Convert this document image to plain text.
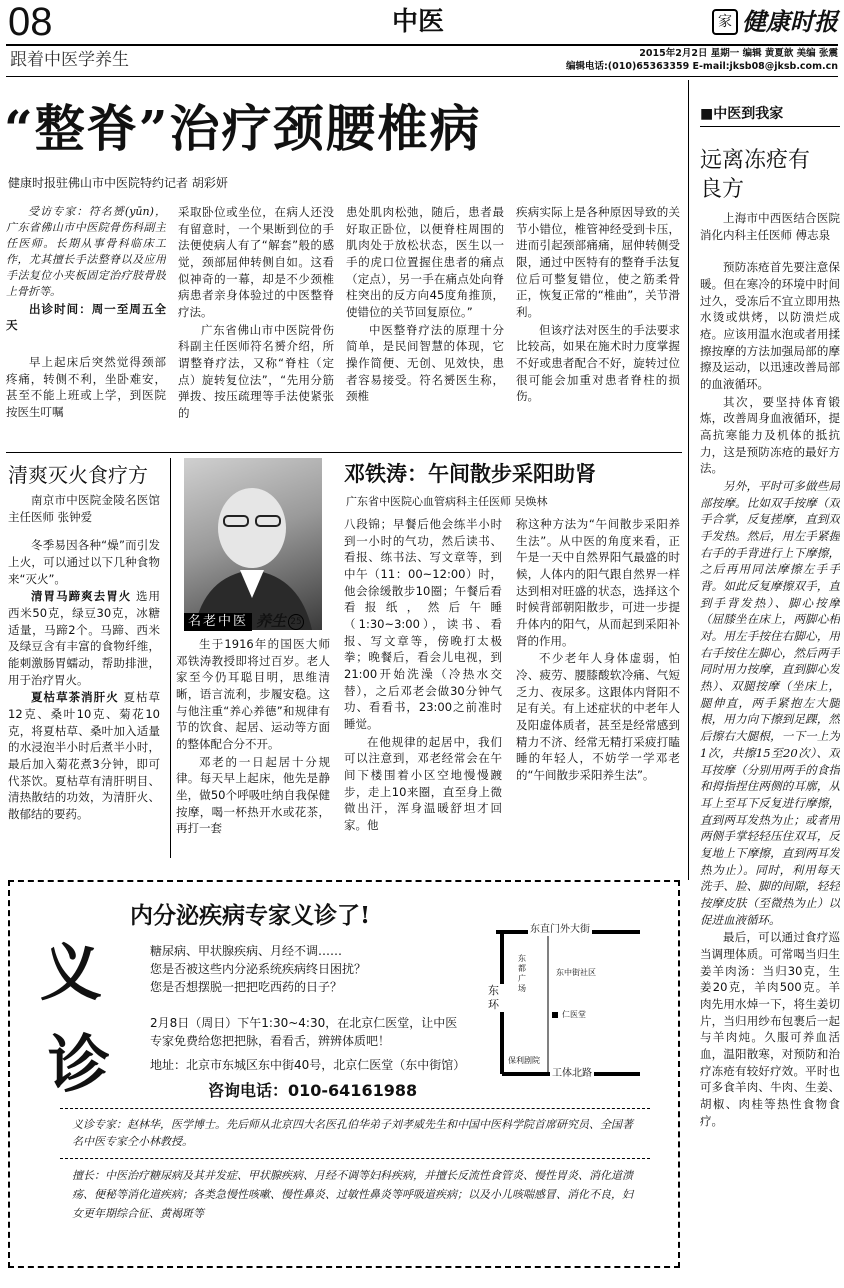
08	中医	家 健康时报
跟着中医学养生	2015年2月2日 星期一 编辑 黄夏歆 美编 张震
编辑电话:(010)65363359 E-mail:jksb08@jksb.com.cn
“整脊”治疗颈腰椎病
健康时报驻佛山市中医院特约记者 胡彩妍

受访专家：符名赟(yūn)，广东省佛山市中医院骨伤科副主任医师。长期从事骨科临床工作，尤其擅长手法整脊以及应用手法复位小夹板固定治疗肢骨肢上骨折等。

出诊时间：周一至周五全天

早上起床后突然觉得颈部疼痛，转侧不利，坐卧难安，甚至不能上班或上学，到医院按医生叮嘱

采取卧位或坐位，在病人还没有留意时，一个果断到位的手法便使病人有了“解套”般的感觉，颈部屈伸转侧自如。这看似神奇的一幕，却是不少颈椎病患者亲身体验过的中医整脊疗法。

广东省佛山市中医院骨伤科副主任医师符名赟介绍，所谓整脊疗法，又称“脊柱（定点）旋转复位法”，“先用分筋弹拨、按压疏理等手法使紧张的

患处肌肉松弛，随后，患者最好取正卧位，以便脊柱周围的肌肉处于放松状态，医生以一手的虎口位置握住患者的痛点（定点），另一手在痛点处向脊柱突出的反方向45度角推顶，使错位的关节回复原位。”

中医整脊疗法的原理十分简单，是民间智慧的体现，它操作简便、无创、见效快，患者容易接受。符名赟医生称，颈椎

疾病实际上是各种原因导致的关节小错位，椎管神经受到卡压，进而引起颈部痛痛，屈伸转侧受限，通过中医特有的整脊手法复位后可整复错位，使之筋柔骨正，恢复正常的“椎曲”，关节滑利。

但该疗法对医生的手法要求比较高，如果在施术时力度掌握不好或患者配合不好，旋转过位很可能会加重对患者脊柱的损伤。

■中医到我家
远离冻疮有良方

上海市中西医结合医院消化内科主任医师 傅志泉

预防冻疮首先要注意保暖。但在寒冷的环境中时间过久，受冻后不宜立即用热水烫或烘烤，以防溃烂成疮。应该用温水泡或者用揉擦按摩的方法加强局部的摩擦及运动，以迅速改善局部的血液循环。

其次，要坚持体育锻炼，改善周身血液循环，提高抗寒能力及机体的抵抗力，这是预防冻疮的最好方法。

另外，平时可多做些局部按摩。比如双手按摩（双手合掌，反复搓摩，直到双手发热。然后，用左手紧握右手的手背进行上下摩擦，之后再用同法摩擦左手手背。如此反复摩擦双手，直到手背发热）、脚心按摩（屈膝坐在床上，两脚心相对。用左手按住右脚心，用右手按住左脚心，然后两手同时用力按摩，直到脚心发热）、双腿按摩（坐床上，腿伸直，两手紧抱左大腿根，用力向下擦到足踝，然后擦右大腿根，一下一上为1次，共擦15至20次）、双耳按摩（分别用两手的食指和拇指捏住两侧的耳廓，从耳上至耳下反复进行摩擦，直到两耳发热为止；或者用两侧手掌轻轻压住双耳，反复地上下摩擦，直到两耳发热为止）。同时，利用每天洗手、脸、脚的间隙，轻轻按摩皮肤（至微热为止）以促进血液循环。

最后，可以通过食疗巡当调理体质。可常喝当归生姜羊肉汤：当归30克，生姜20克，羊肉500克。羊肉先用水焯一下，将生姜切片，当归用纱布包裹后一起与羊肉炖。久服可养血活血，温阳散寒，对预防和治疗冻疮有较好疗效。平时也可多食羊肉、牛肉、生姜、胡椒、肉桂等热性食物食疗。

清爽灭火食疗方

南京市中医院金陵名医馆主任医师 张钟爱

冬季易因各种“燥”而引发上火，可以通过以下几种食物来“灭火”。

清胃马蹄爽去胃火 选用西米50克，绿豆30克，冰糖适量，马蹄2个。马蹄、西米及绿豆含有丰富的食物纤维，能刺激肠胃蠕动，帮助排泄，用于治疗胃火。

夏枯草茶消肝火 夏枯草12克、桑叶10克、菊花10克，将夏枯草、桑叶加入适量的水浸泡半小时后煮半小时，最后加入菊花煮3分钟，即可代茶饮。夏枯草有清肝明目、清热散结的功效，为清肝火、散郁结的要药。

名老中医 养生 25
邓铁涛：午间散步采阳助肾
广东省中医院心血管病科主任医师 吴焕林

生于1916年的国医大师邓铁涛教授即将过百岁。老人家至今仍耳聪目明，思维清晰，语言流利，步履安稳。这与他注重“养心养德”和规律有节的饮食、起居、运动等方面的整体配合分不开。

邓老的一日起居十分规律。每天早上起床，他先是静坐，做50个呼吸吐纳自我保健按摩，喝一杯热开水或花茶，再打一套

八段锦；早餐后他会练半小时到一小时的气功，然后读书、看报、练书法、写文章等，到中午（11：00~12:00）时，他会徐缓散步10圈；午餐后看看报纸，然后午睡（1:30~3:00），读书、看报、写文章等，傍晚打太极拳；晚餐后，看会儿电视，到21:00开始洗澡（冷热水交替），之后邓老会做30分钟气功、看看书，23:00之前准时睡觉。

在他规律的起居中，我们可以注意到，邓老经常会在午间下楼围着小区空地慢慢踱步，走上10来圈，直至身上微微出汗，浑身温暖舒坦才回家。他

称这种方法为“午间散步采阳养生法”。从中医的角度来看，正午是一天中自然界阳气最盛的时候，人体内的阳气跟自然界一样达到相对旺盛的状态，选择这个时候背部朝阳散步，可进一步提升体内的阳气，从而起到采阳补肾的作用。

不少老年人身体虚弱，怕冷、疲劳、腰膝酸软冷痛、气短乏力、夜尿多。这跟体内肾阳不足有关。有上述症状的中老年人及阳虚体质者，甚至是经常感到精力不济、经常无精打采疲打瞌睡的年轻人，不妨学一学邓老的“午间散步采阳养生法”。

义
诊
内分泌疾病专家义诊了!
糖尿病、甲状腺疾病、月经不调……
您是否被这些内分泌系统疾病终日困扰？
您是否想摆脱一把把吃西药的日子？
2月8日（周日）下午1:30~4:30，在北京仁医堂，让中医
专家免费给您把把脉，看看舌，辨辨体质吧！
地址：北京市东城区东中街40号，北京仁医堂（东中街馆）
咨询电话：010-64161988
东直门外大街
东环
东都广场
东中街社区
仁医堂
保利剧院
工体北路
义诊专家：赵林华，医学博士。先后师从北京四大名医孔伯华弟子刘孝威先生和中国中医科学院首席研究员、全国著名中医专家仝小林教授。
擅长：中医治疗糖尿病及其并发症、甲状腺疾病、月经不调等妇科疾病，并擅长反流性食管炎、慢性胃炎、消化道溃疡、便秘等消化道疾病；各类急慢性咳嗽、慢性鼻炎、过敏性鼻炎等呼吸道疾病；以及小儿咳喘感冒、消化不良，妇女更年期综合征、黄褐斑等
